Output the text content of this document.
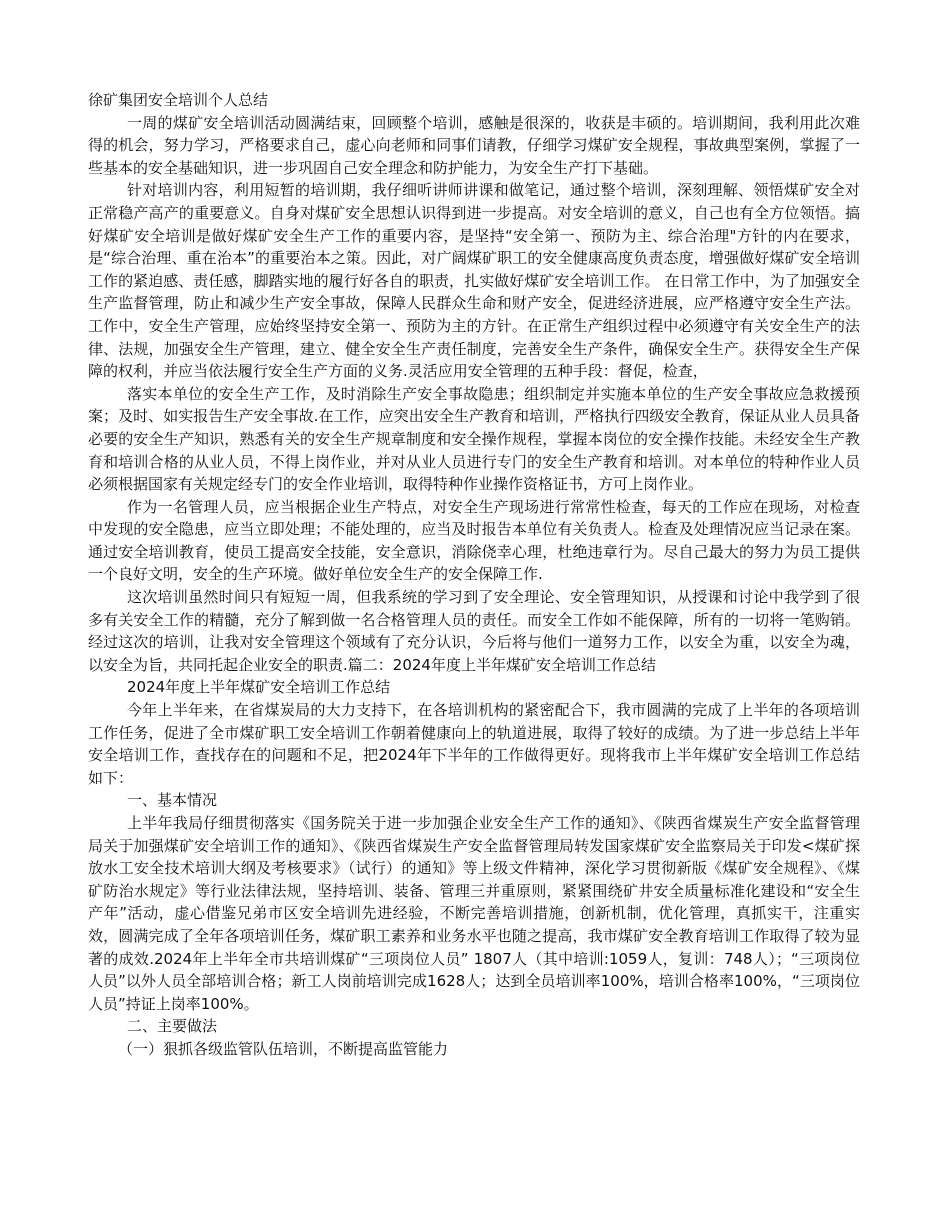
徐矿集团安全培训个人总结

一周的煤矿安全培训活动圆满结束，回顾整个培训，感触是很深的，收获是丰硕的。培训期间，我利用此次难得的机会，努力学习，严格要求自己，虚心向老师和同事们请教，仔细学习煤矿安全规程，事故典型案例，掌握了一些基本的安全基础知识，进一步巩固自己安全理念和防护能力，为安全生产打下基础。

针对培训内容，利用短暂的培训期，我仔细听讲师讲课和做笔记，通过整个培训，深刻理解、领悟煤矿安全对正常稳产高产的重要意义。自身对煤矿安全思想认识得到进一步提高。对安全培训的意义，自己也有全方位领悟。搞好煤矿安全培训是做好煤矿安全生产工作的重要内容，是坚持“安全第一、预防为主、综合治理"方针的内在要求，是“综合治理、重在治本”的重要治本之策。因此，对广阔煤矿职工的安全健康高度负责态度，增强做好煤矿安全培训工作的紧迫感、责任感，脚踏实地的履行好各自的职责，扎实做好煤矿安全培训工作。 在日常工作中，为了加强安全生产监督管理，防止和减少生产安全事故，保障人民群众生命和财产安全，促进经济进展，应严格遵守安全生产法。工作中，安全生产管理，应始终坚持安全第一、预防为主的方针。在正常生产组织过程中必须遵守有关安全生产的法律、法规，加强安全生产管理，建立、健全安全生产责任制度，完善安全生产条件，确保安全生产。获得安全生产保障的权利，并应当依法履行安全生产方面的义务.灵活应用安全管理的五种手段：督促，检查，

落实本单位的安全生产工作，及时消除生产安全事故隐患；组织制定并实施本单位的生产安全事故应急救援预案；及时、如实报告生产安全事故.在工作，应突出安全生产教育和培训，严格执行四级安全教育，保证从业人员具备必要的安全生产知识，熟悉有关的安全生产规章制度和安全操作规程，掌握本岗位的安全操作技能。未经安全生产教育和培训合格的从业人员，不得上岗作业，并对从业人员进行专门的安全生产教育和培训。对本单位的特种作业人员必须根据国家有关规定经专门的安全作业培训，取得特种作业操作资格证书，方可上岗作业。

作为一名管理人员，应当根据企业生产特点，对安全生产现场进行常常性检查，每天的工作应在现场，对检查中发现的安全隐患，应当立即处理；不能处理的，应当及时报告本单位有关负责人。检查及处理情况应当记录在案。通过安全培训教育，使员工提高安全技能，安全意识，消除侥幸心理，杜绝违章行为。尽自己最大的努力为员工提供一个良好文明，安全的生产环境。做好单位安全生产的安全保障工作.

这次培训虽然时间只有短短一周，但我系统的学习到了安全理论、安全管理知识，从授课和讨论中我学到了很多有关安全工作的精髓，充分了解到做一名合格管理人员的责任。而安全工作如不能保障，所有的一切将一笔购销。经过这次的培训，让我对安全管理这个领域有了充分认识，今后将与他们一道努力工作，以安全为重，以安全为魂，以安全为旨，共同托起企业安全的职责.篇二：2024年度上半年煤矿安全培训工作总结

2024年度上半年煤矿安全培训工作总结

今年上半年来，在省煤炭局的大力支持下，在各培训机构的紧密配合下，我市圆满的完成了上半年的各项培训工作任务，促进了全市煤矿职工安全培训工作朝着健康向上的轨道进展，取得了较好的成绩。为了进一步总结上半年安全培训工作，查找存在的问题和不足，把2024年下半年的工作做得更好。现将我市上半年煤矿安全培训工作总结如下：

一、基本情况

上半年我局仔细贯彻落实《国务院关于进一步加强企业安全生产工作的通知》、《陕西省煤炭生产安全监督管理局关于加强煤矿安全培训工作的通知》、《陕西省煤炭生产安全监督管理局转发国家煤矿安全监察局关于印发<煤矿探放水工安全技术培训大纲及考核要求》（试行）的通知》等上级文件精神，深化学习贯彻新版《煤矿安全规程》、《煤矿防治水规定》等行业法律法规，坚持培训、装备、管理三并重原则，紧紧围绕矿井安全质量标准化建设和“安全生产年”活动，虚心借鉴兄弟市区安全培训先进经验，不断完善培训措施，创新机制，优化管理，真抓实干，注重实效，圆满完成了全年各项培训任务，煤矿职工素养和业务水平也随之提高，我市煤矿安全教育培训工作取得了较为显著的成效.2024年上半年全市共培训煤矿“三项岗位人员” 1807人（其中培训:1059人，复训：748人）；“三项岗位人员”以外人员全部培训合格；新工人岗前培训完成1628人；达到全员培训率100%，培训合格率100%，“三项岗位人员”持证上岗率100%。

二、主要做法

（一）狠抓各级监管队伍培训，不断提高监管能力
